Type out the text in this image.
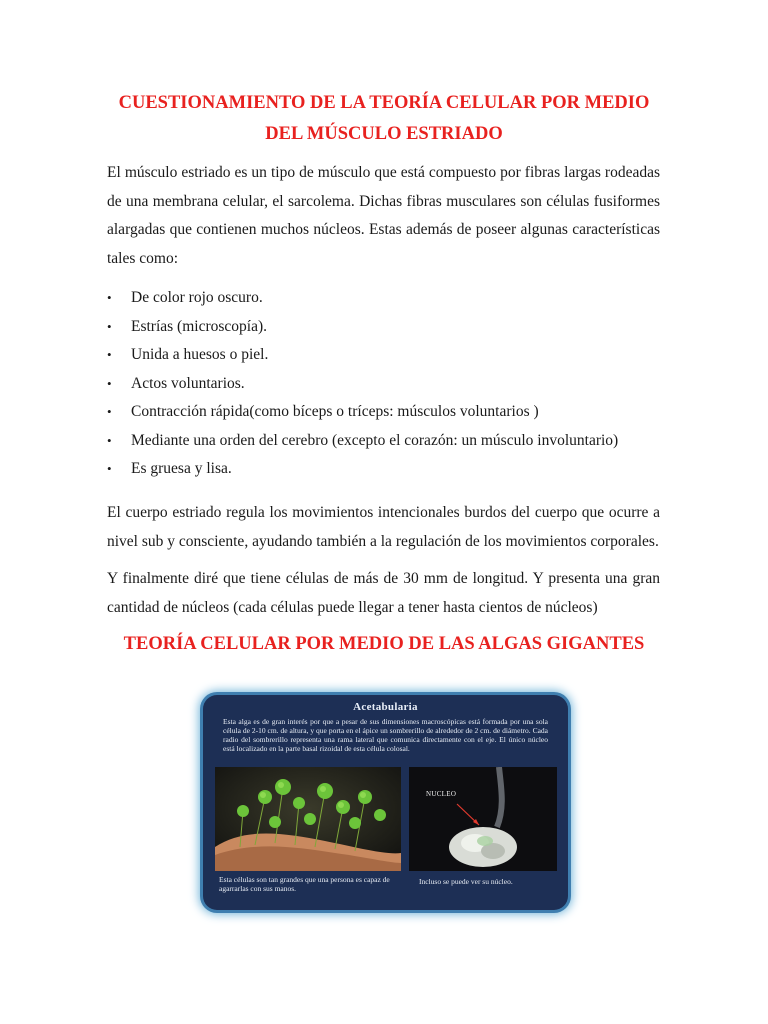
CUESTIONAMIENTO DE LA TEORÍA CELULAR POR MEDIO DEL MÚSCULO ESTRIADO

El músculo estriado es un tipo de músculo que está compuesto por fibras largas rodeadas de una membrana celular, el sarcolema. Dichas fibras musculares son células fusiformes alargadas que contienen muchos núcleos. Estas además de poseer algunas características tales como:

• De color rojo oscuro.
• Estrías (microscopía).
• Unida a huesos o piel.
• Actos voluntarios.
• Contracción rápida(como bíceps o tríceps: músculos voluntarios )
• Mediante una orden del cerebro (excepto el corazón: un músculo involuntario)
• Es gruesa y lisa.

El cuerpo estriado regula los movimientos intencionales burdos del cuerpo que ocurre a nivel sub y consciente, ayudando también a la regulación de los movimientos corporales.

Y finalmente diré que tiene células de más de 30 mm de longitud. Y presenta una gran cantidad de núcleos (cada células puede llegar a tener hasta cientos de núcleos)

TEORÍA CELULAR POR MEDIO DE LAS ALGAS GIGANTES
Acetabularia
Esta alga es de gran interés por que a pesar de sus dimensiones macroscópicas está formada por una sola célula de 2-10 cm. de altura, y que porta en el ápice un sombrerillo de alrededor de 2 cm. de diámetro. Cada radio del sombrerillo representa una rama lateral que comunica directamente con el eje. El único núcleo está localizado en la parte basal rizoidal de esta célula colosal.
NUCLEO
Esta células son tan grandes que una persona es capaz de agarrarlas con sus manos.
Incluso se puede ver su núcleo.
